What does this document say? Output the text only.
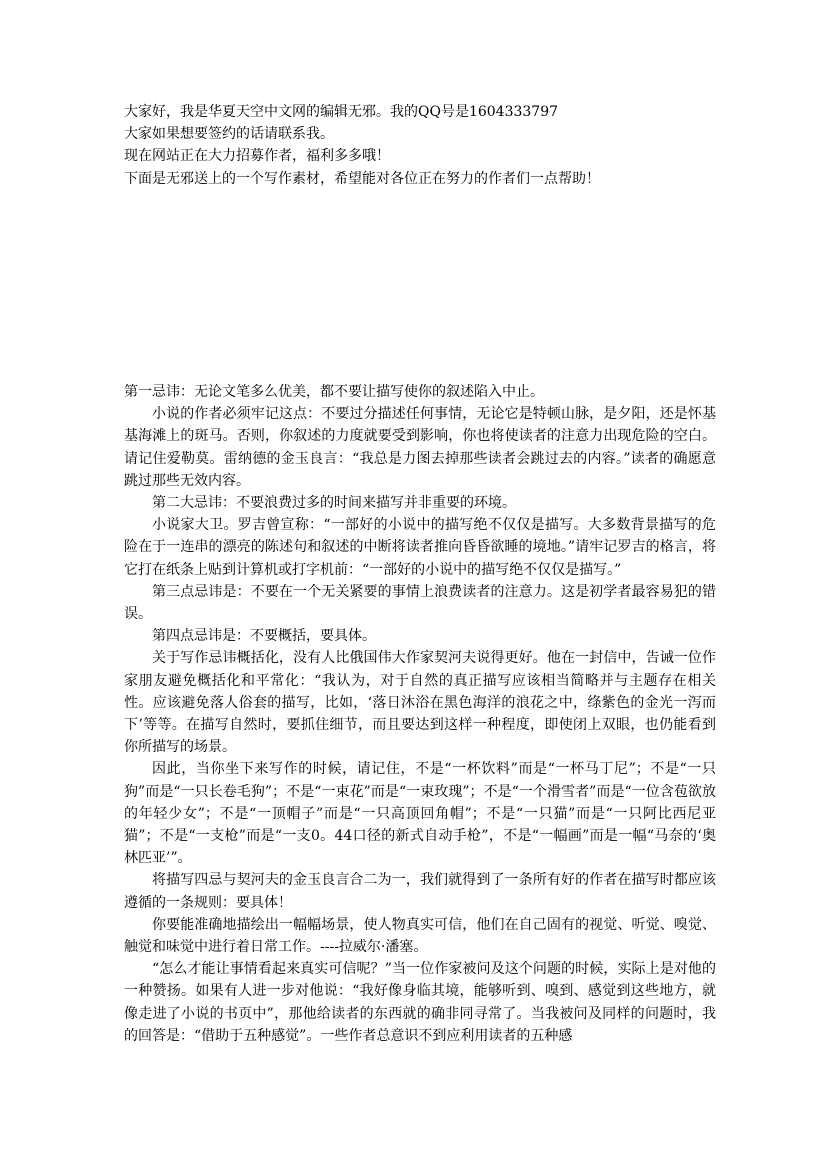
大家好，我是华夏天空中文网的编辑无邪。我的QQ号是1604333797

大家如果想要签约的话请联系我。

现在网站正在大力招募作者，福利多多哦！

下面是无邪送上的一个写作素材，希望能对各位正在努力的作者们一点帮助！

第一忌讳：无论文笔多么优美，都不要让描写使你的叙述陷入中止。

小说的作者必须牢记这点：不要过分描述任何事情，无论它是特顿山脉，是夕阳，还是怀基基海滩上的斑马。否则，你叙述的力度就要受到影响，你也将使读者的注意力出现危险的空白。请记住爱勒莫。雷纳德的金玉良言：“我总是力图去掉那些读者会跳过去的内容。”读者的确愿意跳过那些无效内容。

第二大忌讳：不要浪费过多的时间来描写并非重要的环境。

小说家大卫。罗吉曾宣称：“一部好的小说中的描写绝不仅仅是描写。大多数背景描写的危险在于一连串的漂亮的陈述句和叙述的中断将读者推向昏昏欲睡的境地。”请牢记罗吉的格言，将它打在纸条上贴到计算机或打字机前：“一部好的小说中的描写绝不仅仅是描写。”

第三点忌讳是：不要在一个无关紧要的事情上浪费读者的注意力。这是初学者最容易犯的错误。

第四点忌讳是：不要概括，要具体。

关于写作忌讳概括化，没有人比俄国伟大作家契河夫说得更好。他在一封信中，告诫一位作家朋友避免概括化和平常化：“我认为，对于自然的真正描写应该相当简略并与主题存在相关性。应该避免落人俗套的描写，比如，‘落日沐浴在黑色海洋的浪花之中，绦紫色的金光一泻而下’等等。在描写自然时，要抓住细节，而且要达到这样一种程度，即使闭上双眼，也仍能看到你所描写的场景。

因此，当你坐下来写作的时候，请记住，不是“一杯饮料”而是“一杯马丁尼”；不是“一只狗”而是“一只长卷毛狗”；不是“一束花”而是“一束玫瑰”；不是“一个滑雪者”而是“一位含苞欲放的年轻少女”；不是“一顶帽子”而是“一只高顶回角帽”；不是“一只猫”而是“一只阿比西尼亚猫”；不是“一支枪”而是“一支0。44口径的新式自动手枪”，不是“一幅画”而是一幅“马奈的‘奥林匹亚’”。

将描写四忌与契河夫的金玉良言合二为一，我们就得到了一条所有好的作者在描写时都应该遵循的一条规则：要具体！

你要能准确地描绘出一幅幅场景，使人物真实可信，他们在自己固有的视觉、听觉、嗅觉、触觉和味觉中进行着日常工作。----拉威尔·潘塞。

“怎么才能让事情看起来真实可信呢？”当一位作家被问及这个问题的时候，实际上是对他的一种赞扬。如果有人进一步对他说：“我好像身临其境，能够听到、嗅到、感觉到这些地方，就像走进了小说的书页中”，那他给读者的东西就的确非同寻常了。当我被问及同样的问题时，我的回答是：“借助于五种感觉”。一些作者总意识不到应利用读者的五种感
